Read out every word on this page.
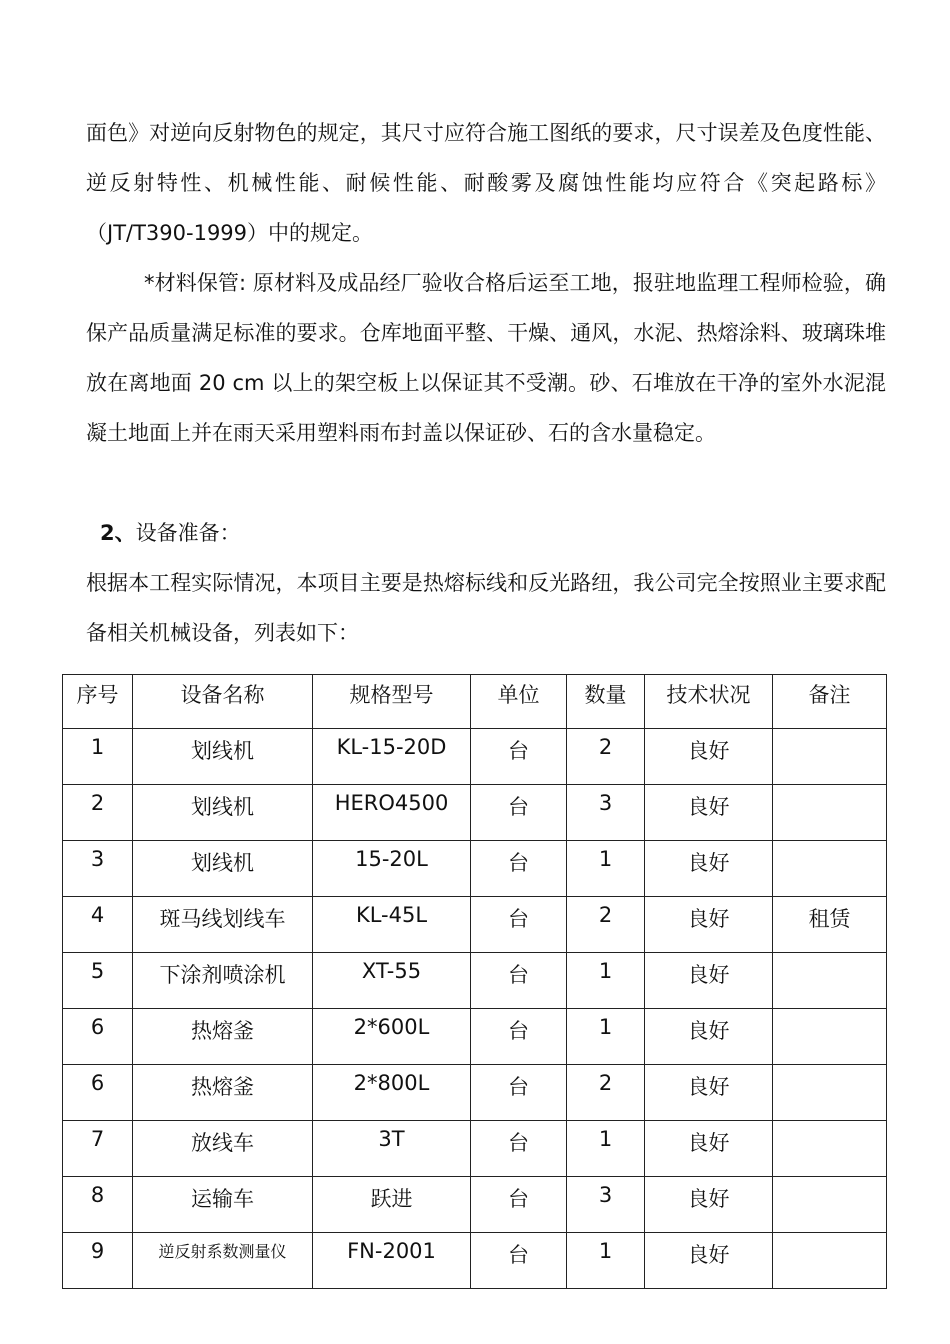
面色》对逆向反射物色的规定，其尺寸应符合施工图纸的要求，尺寸误差及色度性能、逆反射特性、机械性能、耐候性能、耐酸雾及腐蚀性能均应符合《突起路标》（JT/T390-1999）中的规定。

*材料保管: 原材料及成品经厂验收合格后运至工地，报驻地监理工程师检验，确保产品质量满足标准的要求。仓库地面平整、干燥、通风，水泥、热熔涂料、玻璃珠堆放在离地面 20 cm 以上的架空板上以保证其不受潮。砂、石堆放在干净的室外水泥混凝土地面上并在雨天采用塑料雨布封盖以保证砂、石的含水量稳定。

2、设备准备：

根据本工程实际情况，本项目主要是热熔标线和反光路纽，我公司完全按照业主要求配备相关机械设备，列表如下：

序号	设备名称	规格型号	单位	数量	技术状况	备注
1	划线机	KL-15-20D	台	2	良好	
2	划线机	HERO4500	台	3	良好	
3	划线机	15-20L	台	1	良好	
4	斑马线划线车	KL-45L	台	2	良好	租赁
5	下涂剂喷涂机	XT-55	台	1	良好	
6	热熔釜	2*600L	台	1	良好	
6	热熔釜	2*800L	台	2	良好	
7	放线车	3T	台	1	良好	
8	运输车	跃进	台	3	良好	
9	逆反射系数测量仪	FN-2001	台	1	良好	
